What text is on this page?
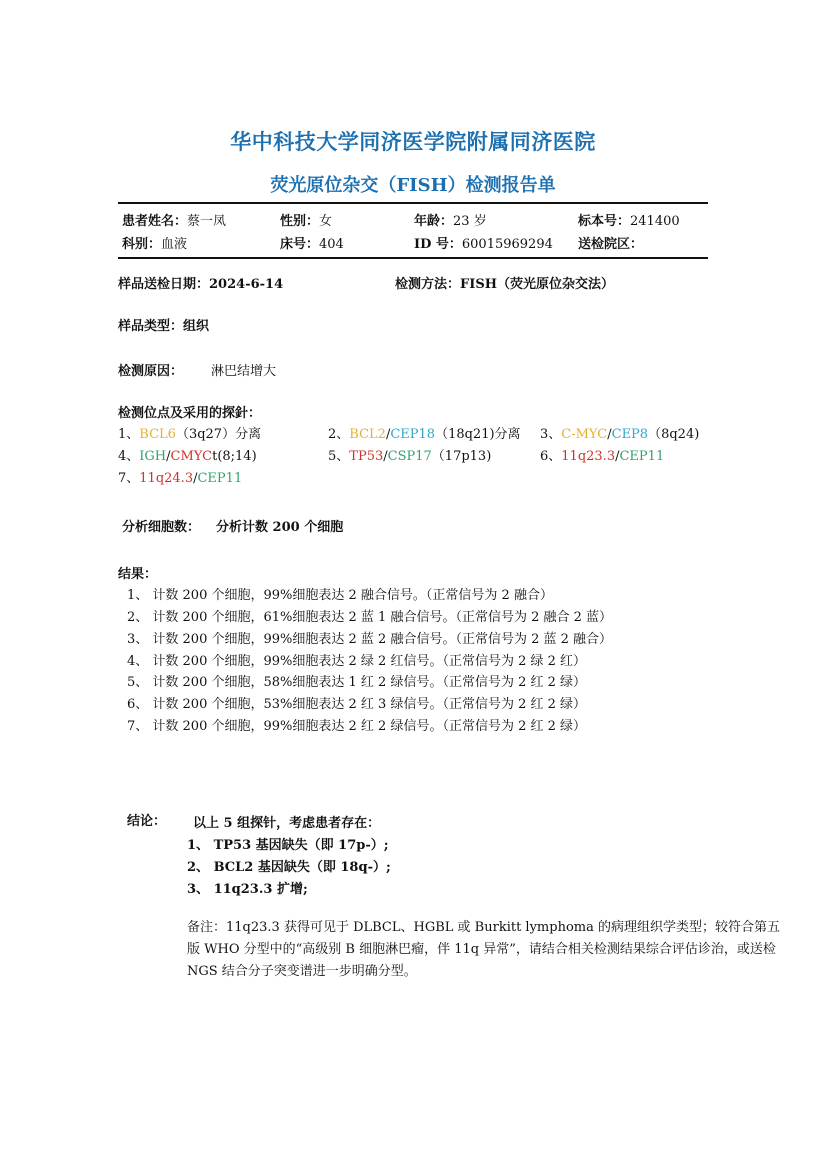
华中科技大学同济医学院附属同济医院
荧光原位杂交（FISH）检测报告单
患者姓名：蔡一凤	性别：女	年龄：23 岁	标本号：241400
科别：血液	床号：404	ID 号：60015969294 送检院区：
样品送检日期：2024-6-14	检测方法：FISH（荧光原位杂交法）
样品类型：组织
检测原因： 淋巴结增大
检测位点及采用的探針：
1、BCL6（3q27）分离	2、BCL2/CEP18（18q21)分离 3、C-MYC/CEP8（8q24)
4、IGH/CMYCt(8;14)	5、TP53/CSP17（17p13)	6、11q23.3/CEP11
7、11q24.3/CEP11
分析细胞数： 分析计数 200 个细胞
结果：
1、 计数 200 个细胞，99%细胞表达 2 融合信号。（正常信号为 2 融合）
2、 计数 200 个细胞，61%细胞表达 2 蓝 1 融合信号。（正常信号为 2 融合 2 蓝）
3、 计数 200 个细胞，99%细胞表达 2 蓝 2 融合信号。（正常信号为 2 蓝 2 融合）
4、 计数 200 个细胞，99%细胞表达 2 绿 2 红信号。（正常信号为 2 绿 2 红）
5、 计数 200 个细胞，58%细胞表达 1 红 2 绿信号。（正常信号为 2 红 2 绿）
6、 计数 200 个细胞，53%细胞表达 2 红 3 绿信号。（正常信号为 2 红 2 绿）
7、 计数 200 个细胞，99%细胞表达 2 红 2 绿信号。（正常信号为 2 红 2 绿）
结论： 以上 5 组探针，考虑患者存在：
1、 TP53 基因缺失（即 17p-）;
2、 BCL2 基因缺失（即 18q-）;
3、 11q23.3 扩增;
备注：11q23.3 获得可见于 DLBCL、HGBL 或 Burkitt lymphoma 的病理组织学类型；较符合第五版 WHO 分型中的“高级别 B 细胞淋巴瘤，伴 11q 异常”，请结合相关检测结果综合评估诊治，或送检 NGS 结合分子突变谱进一步明确分型。
